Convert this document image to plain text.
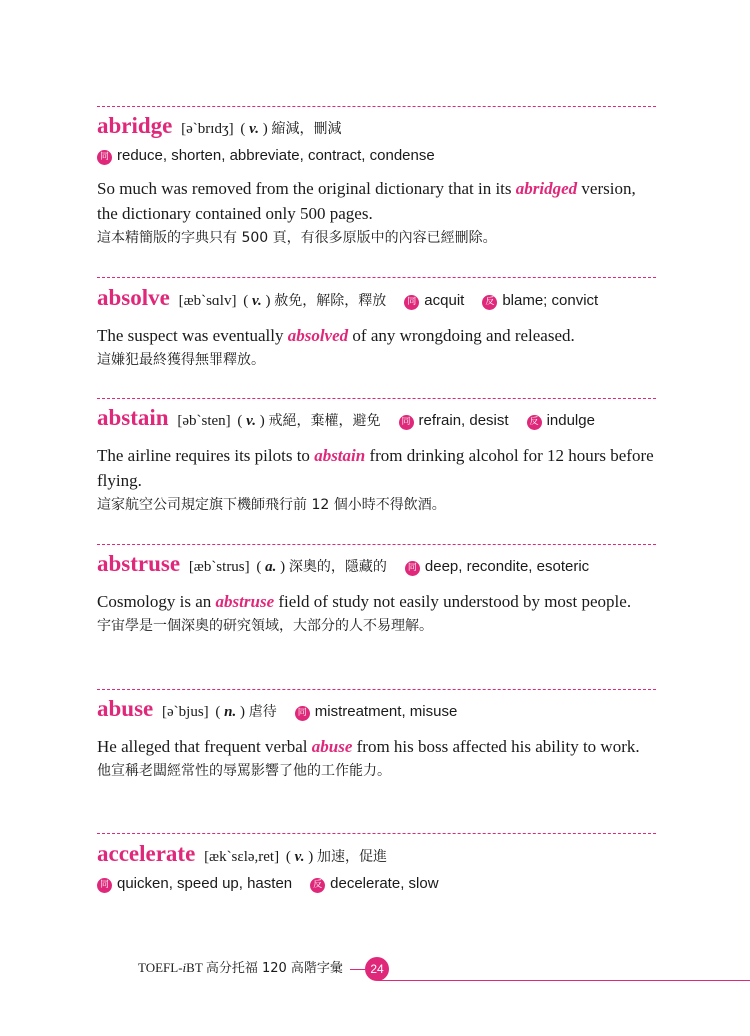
abridge [əˋbrɪdʒ] ( v. ) 縮減，刪減
同 reduce, shorten, abbreviate, contract, condense
So much was removed from the original dictionary that in its abridged version, the dictionary contained only 500 pages.
這本精簡版的字典只有 500 頁，有很多原版中的內容已經刪除。
absolve [æbˋsɑlv] ( v. ) 赦免，解除，釋放 同 acquit 反 blame; convict
The suspect was eventually absolved of any wrongdoing and released.
這嫌犯最終獲得無罪釋放。
abstain [əbˋsten] ( v. ) 戒絕，棄權，避免 同 refrain, desist 反 indulge
The airline requires its pilots to abstain from drinking alcohol for 12 hours before flying.
這家航空公司規定旗下機師飛行前 12 個小時不得飲酒。
abstruse [æbˋstrus] ( a. ) 深奧的，隱藏的 同 deep, recondite, esoteric
Cosmology is an abstruse field of study not easily understood by most people.
宇宙學是一個深奧的研究領域，大部分的人不易理解。
abuse [əˋbjus] ( n. ) 虐待 同 mistreatment, misuse
He alleged that frequent verbal abuse from his boss affected his ability to work.
他宣稱老闆經常性的辱罵影響了他的工作能力。
accelerate [ækˋsɛlə,ret] ( v. ) 加速，促進
同 quicken, speed up, hasten 反 decelerate, slow
TOEFL-iBT 高分托福 120 高階字彙	24
